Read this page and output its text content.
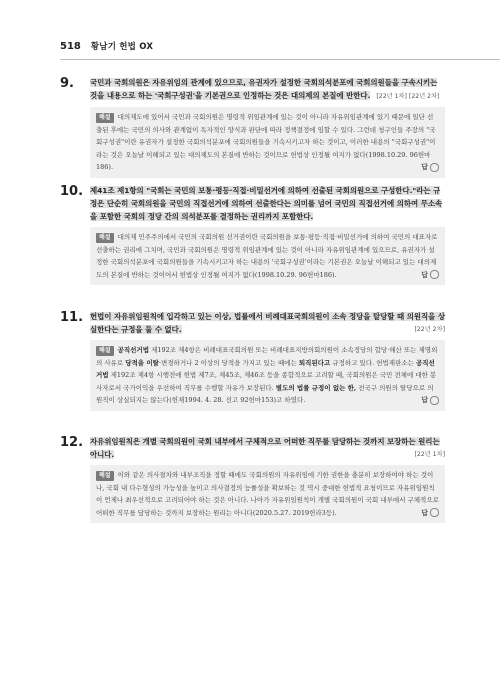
518 황남기 헌법 OX
9. 국민과 국회의원은 자유위임의 관계에 있으므로, 유권자가 설정한 국회의석분포에 국회의원들을 구속시키는 것을 내용으로 하는 '국회구성권'을 기본권으로 인정하는 것은 대의제의 본질에 반한다. [22년 1차] [22년 2차]
해설 대의제도에 있어서 국민과 국회의원은 명령적 위임관계에 있는 것이 아니라 자유위임관계에 있기 때문에 일단 선출된 후에는 국민의 의사와 관계없이 독자적인 양식과 판단에 따라 정책결정에 임할 수 있다. 그런데 청구인들 주장의 "국회구성권"이란 유권자가 설정한 국회의석분포에 국회의원들을 기속시키고자 하는 것이고, 이러한 내용의 "국회구성권"이라는 것은 오늘날 이해되고 있는 대의제도의 본질에 반하는 것이므로 헌법상 인정될 여지가 없다(1998.10.29. 96헌마186).	답
10. 제41조 제1항의 "국회는 국민의 보통·평등·직접·비밀선거에 의하여 선출된 국회의원으로 구성한다."라는 규정은 단순히 국회의원을 국민의 직접선거에 의하여 선출한다는 의미를 넘어 국민의 직접선거에 의하여 무소속을 포함한 국회의 정당 간의 의석분포를 결정하는 권리까지 포함한다.
해설 대의제 민주주의에서 국민의 국회의원 선거권이란 국회의원을 보통·평등·직접·비밀선거에 의하여 국민의 대표자로 선출하는 권리에 그치며, 국민과 국회의원은 명령적 위임관계에 있는 것이 아니라 자유위임관계에 있으므로, 유권자가 설정한 국회의석분포에 국회의원들을 기속시키고자 하는 내용의 '국회구성권'이라는 기본권은 오늘날 이해되고 있는 대의제도의 본질에 반하는 것이어서 헌법상 인정될 여지가 없다(1998.10.29. 96헌마186).	답
11. 헌법이 자유위임원칙에 입각하고 있는 이상, 법률에서 비례대표국회의원이 소속 정당을 탈당할 때 의원직을 상실한다는 규정을 둘 수 없다.	[22년 2차]
해설 공직선거법 제192조 제4항은 비례대표국회의원 또는 비례대표지방의회의원이 소속정당의 합당·해산 또는 제명외의 사유로 당적을 이탈·변경하거나 2 이상의 당적을 가지고 있는 때에는 퇴직된다고 규정하고 있다. 헌법재판소는 공직선거법 제192조 제4항 시행전에 헌법 제7조, 제45조, 제46조 등을 종합적으로 고려할 때, 국회의원은 국민 전체에 대한 봉사자로서 국가이익을 우선하여 직무를 수행할 자유가 보장된다. 별도의 법률 규정이 없는 한, 전국구 의원의 탈당으로 의원직이 상실되지는 않는다(헌재1994. 4. 28. 선고 92헌마153)고 하였다.	답
12. 자유위임원칙은 개별 국회의원이 국회 내부에서 구체적으로 어떠한 직무를 담당하는 것까지 보장하는 원리는 아니다.	[22년 1차]
해설 이와 같은 의사절차와 내부조직을 정할 때에도 국회의원의 자유위임에 기한 권한을 충분히 보장하여야 하는 것이나, 국회 내 다수형성의 가능성을 높이고 의사결정의 능률성을 확보하는 것 역시 중대한 헌법적 요청이므로 자유위임원칙이 언제나 최우선적으로 고려되어야 하는 것은 아니다. 나아가 자유위임원칙이 개별 국회의원이 국회 내부에서 구체적으로 어떠한 직무를 담당하는 것까지 보장하는 원리는 아니다(2020.5.27. 2019헌라3등).	답
